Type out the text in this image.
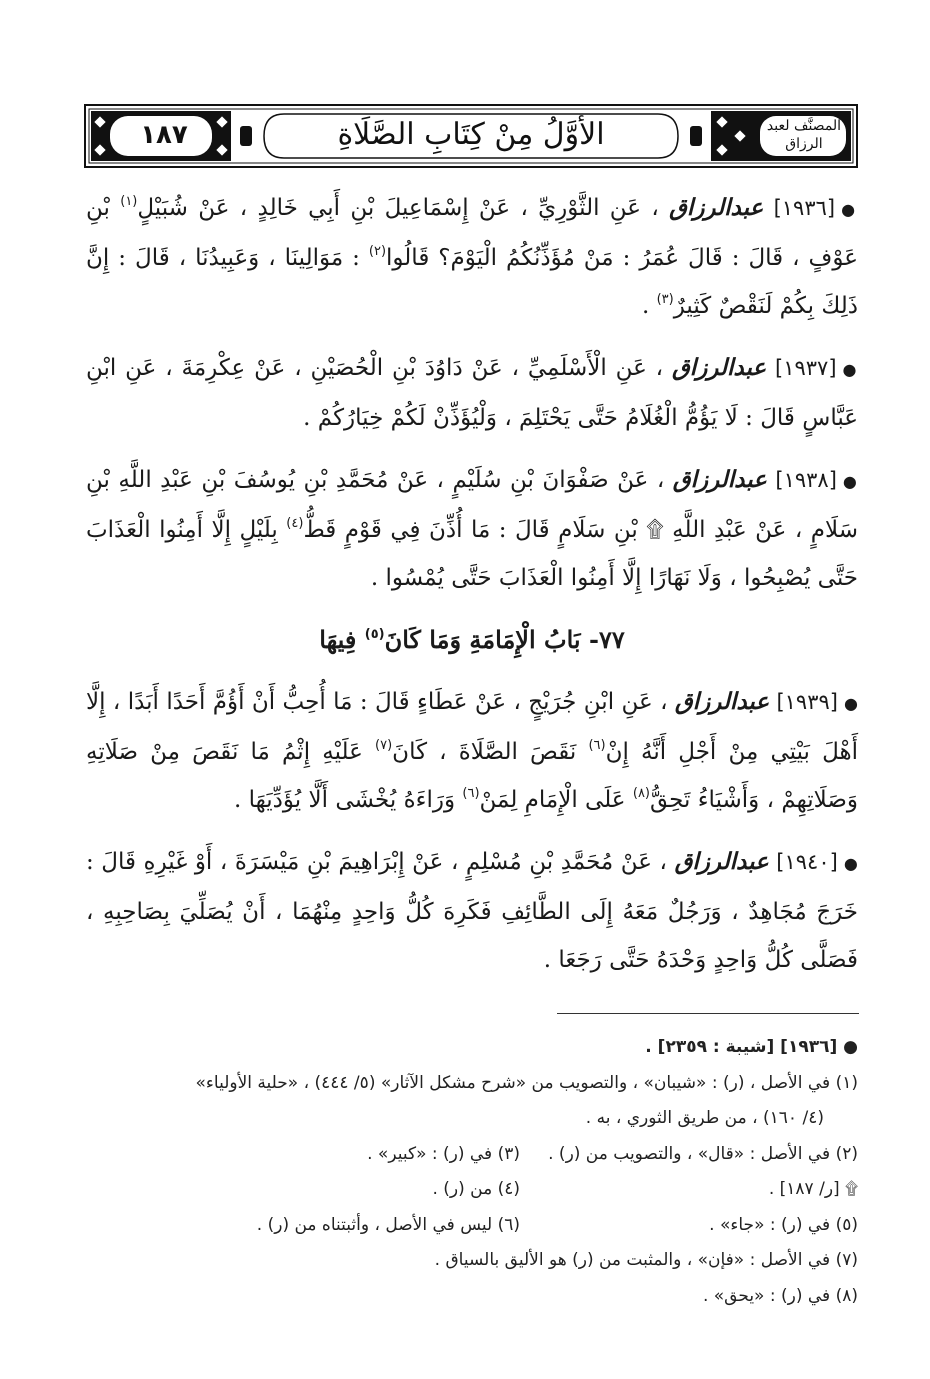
١٨٧	الأوَّلُ مِنْ كِتَابِ الصَّلَاةِ	المصنَّف لعبد الرزاق

●[١٩٣٦] عبدالرزاق ، عَنِ الثَّوْرِيِّ ، عَنْ إِسْمَاعِيلَ بْنِ أَبِي خَالِدٍ ، عَنْ شُبَيْلٍ$^{(١)}$ بْنِ عَوْفٍ ، قَالَ : قَالَ عُمَرُ : مَنْ مُؤَذِّنُكُمُ الْيَوْمَ؟ قَالُوا$^{(٢)}$ : مَوَالِينَا ، وَعَبِيدُنَا ، قَالَ : إِنَّ ذَلِكَ بِكُمْ لَنَقْصٌ كَثِيرٌ$^{(٣)}$ .

●[١٩٣٧] عبدالرزاق ، عَنِ الْأَسْلَمِيِّ ، عَنْ دَاوُدَ بْنِ الْحُصَيْنِ ، عَنْ عِكْرِمَةَ ، عَنِ ابْنِ عَبَّاسٍ قَالَ : لَا يَؤُمُّ الْغُلَامُ حَتَّى يَحْتَلِمَ ، وَلْيُؤَذِّنْ لَكُمْ خِيَارُكُمْ .

●[١٩٣٨] عبدالرزاق ، عَنْ صَفْوَانَ بْنِ سُلَيْمٍ ، عَنْ مُحَمَّدِ بْنِ يُوسُفَ بْنِ عَبْدِ اللَّهِ بْنِ سَلَامٍ ، عَنْ عَبْدِ اللَّهِ ۩ بْنِ سَلَامٍ قَالَ : مَا أُذِّنَ فِي قَوْمٍ قَطُّ$^{(٤)}$ بِلَيْلٍ إِلَّا أَمِنُوا الْعَذَابَ حَتَّى يُصْبِحُوا ، وَلَا نَهَارًا إِلَّا أَمِنُوا الْعَذَابَ حَتَّى يُمْسُوا .

٧٧- بَابُ الْإِمَامَةِ وَمَا كَانَ$^{(٥)}$ فِيهَا

●[١٩٣٩] عبدالرزاق ، عَنِ ابْنِ جُرَيْجٍ ، عَنْ عَطَاءٍ قَالَ : مَا أُحِبُّ أَنْ أَؤُمَّ أَحَدًا أَبَدًا ، إِلَّا أَهْلَ بَيْتِي مِنْ أَجْلِ أَنَّهُ إِنْ$^{(٦)}$ نَقَصَ الصَّلَاةَ ، كَانَ$^{(٧)}$ عَلَيْهِ إِثْمُ مَا نَقَصَ مِنْ صَلَاتِهِ وَصَلَاتِهِمْ ، وَأَشْيَاءُ تَحِقُّ$^{(٨)}$ عَلَى الْإِمَامِ لِمَنْ$^{(٦)}$ وَرَاءَهُ يُخْشَى أَلَّا يُؤَدِّيَهَا .

●[١٩٤٠] عبدالرزاق ، عَنْ مُحَمَّدِ بْنِ مُسْلِمٍ ، عَنْ إِبْرَاهِيمَ بْنِ مَيْسَرَةَ ، أَوْ غَيْرِهِ قَالَ : خَرَجَ مُجَاهِدٌ ، وَرَجُلٌ مَعَهُ إِلَى الطَّائِفِ فَكَرِهَ كُلُّ وَاحِدٍ مِنْهُمَا ، أَنْ يُصَلِّيَ بِصَاحِبِهِ ، فَصَلَّى كُلُّ وَاحِدٍ وَحْدَهُ حَتَّى رَجَعَا .

● [١٩٣٦] [شيبة : ٢٣٥٩] .

(١) في الأصل ، (ر) : «شيبان» ، والتصويب من «شرح مشكل الآثار» (٥/ ٤٤٤) ، «حلية الأولياء»

(٤/ ١٦٠) ، من طريق الثوري ، به .

(٢) في الأصل : «قال» ، والتصويب من (ر) .
(٣) في (ر) : «كبير» .
۩ [ر/ ١٨٧] .
(٤) من (ر) .
(٥) في (ر) : «جاء» .
(٦) ليس في الأصل ، وأثبتناه من (ر) .

(٧) في الأصل : «فإن» ، والمثبت من (ر) هو الأليق بالسياق .

(٨) في (ر) : «يحق» .
